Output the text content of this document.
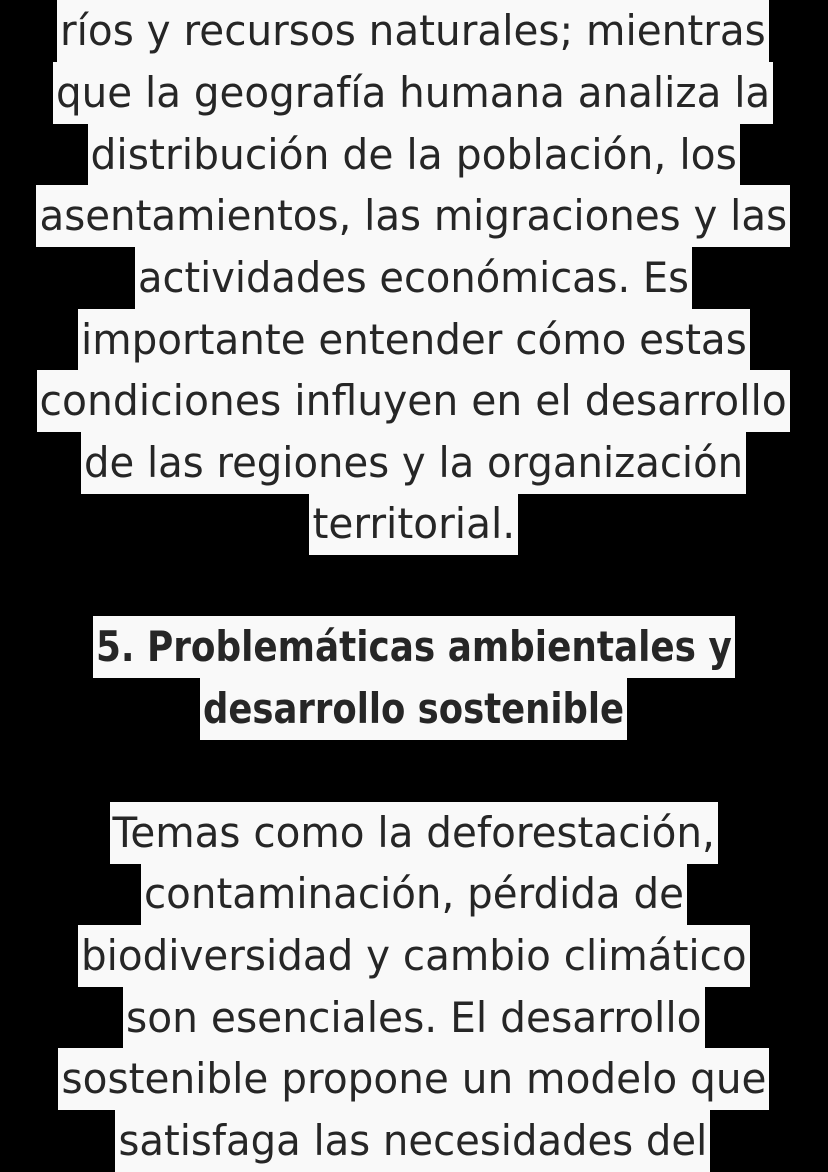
ríos y recursos naturales; mientras
que la geografía humana analiza la
distribución de la población, los
asentamientos, las migraciones y las
actividades económicas. Es
importante entender cómo estas
condiciones influyen en el desarrollo
de las regiones y la organización
territorial.
5. Problemáticas ambientales y
desarrollo sostenible
Temas como la deforestación,
contaminación, pérdida de
biodiversidad y cambio climático
son esenciales. El desarrollo
sostenible propone un modelo que
satisfaga las necesidades del
